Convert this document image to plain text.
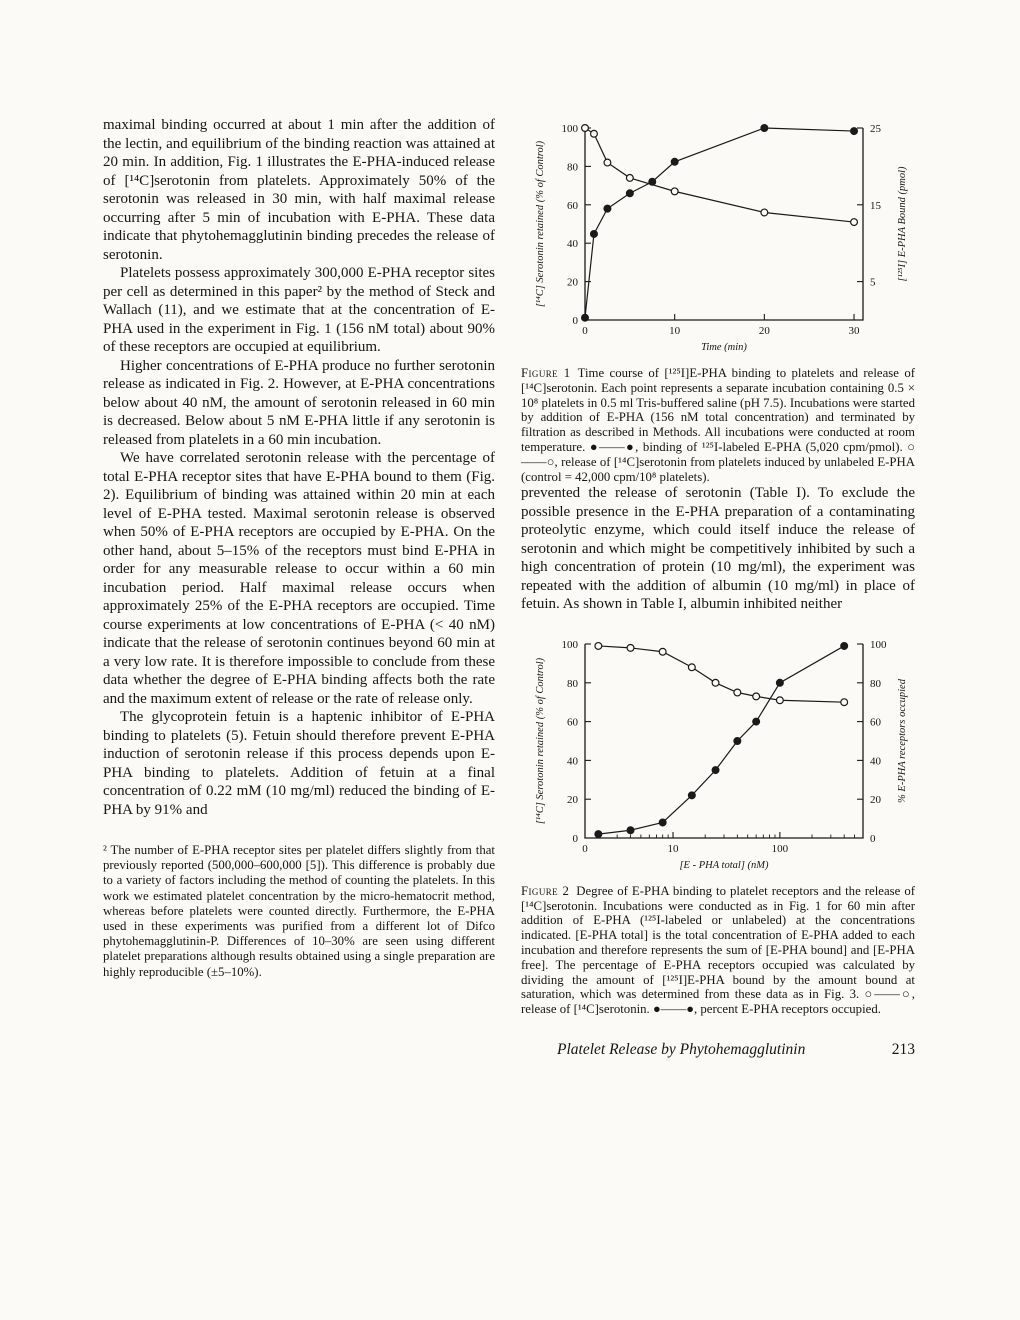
maximal binding occurred at about 1 min after the addition of the lectin, and equilibrium of the binding reaction was attained at 20 min. In addition, Fig. 1 illustrates the E-PHA-induced release of [¹⁴C]serotonin from platelets. Approximately 50% of the serotonin was released in 30 min, with half maximal release occurring after 5 min of incubation with E-PHA. These data indicate that phytohemagglutinin binding precedes the release of serotonin.

Platelets possess approximately 300,000 E-PHA receptor sites per cell as determined in this paper² by the method of Steck and Wallach (11), and we estimate that at the concentration of E-PHA used in the experiment in Fig. 1 (156 nM total) about 90% of these receptors are occupied at equilibrium.

Higher concentrations of E-PHA produce no further serotonin release as indicated in Fig. 2. However, at E-PHA concentrations below about 40 nM, the amount of serotonin released in 60 min is decreased. Below about 5 nM E-PHA little if any serotonin is released from platelets in a 60 min incubation.

We have correlated serotonin release with the percentage of total E-PHA receptor sites that have E-PHA bound to them (Fig. 2). Equilibrium of binding was attained within 20 min at each level of E-PHA tested. Maximal serotonin release is observed when 50% of E-PHA receptors are occupied by E-PHA. On the other hand, about 5–15% of the receptors must bind E-PHA in order for any measurable release to occur within a 60 min incubation period. Half maximal release occurs when approximately 25% of the E-PHA receptors are occupied. Time course experiments at low concentrations of E-PHA (< 40 nM) indicate that the release of serotonin continues beyond 60 min at a very low rate. It is therefore impossible to conclude from these data whether the degree of E-PHA binding affects both the rate and the maximum extent of release or the rate of release only.

The glycoprotein fetuin is a haptenic inhibitor of E-PHA binding to platelets (5). Fetuin should therefore prevent E-PHA induction of serotonin release if this process depends upon E-PHA binding to platelets. Addition of fetuin at a final concentration of 0.22 mM (10 mg/ml) reduced the binding of E-PHA by 91% and

² The number of E-PHA receptor sites per platelet differs slightly from that previously reported (500,000–600,000 [5]). This difference is probably due to a variety of factors including the method of counting the platelets. In this work we estimated platelet concentration by the micro-hematocrit method, whereas before platelets were counted directly. Furthermore, the E-PHA used in these experiments was purified from a different lot of Difco phytohemagglutinin-P. Differences of 10–30% are seen using different platelet preparations although results obtained using a single preparation are highly reproducible (±5–10%).
0	10	20	30
0
20
40
60
80
100
5
15
25
Time (min)
[¹⁴C] Serotonin retained (% of Control)	[¹²⁵I] E-PHA Bound (pmol)
Figure 1 Time course of [¹²⁵I]E-PHA binding to platelets and release of [¹⁴C]serotonin. Each point represents a separate incubation containing 0.5 × 10⁸ platelets in 0.5 ml Tris-buffered saline (pH 7.5). Incubations were started by addition of E-PHA (156 nM total concentration) and terminated by filtration as described in Methods. All incubations were conducted at room temperature. ●——●, binding of ¹²⁵I-labeled E-PHA (5,020 cpm/pmol). ○——○, release of [¹⁴C]serotonin from platelets induced by unlabeled E-PHA (control = 42,000 cpm/10⁸ platelets).

prevented the release of serotonin (Table I). To exclude the possible presence in the E-PHA preparation of a contaminating proteolytic enzyme, which could itself induce the release of serotonin and which might be competitively inhibited by such a high concentration of protein (10 mg/ml), the experiment was repeated with the addition of albumin (10 mg/ml) in place of fetuin. As shown in Table I, albumin inhibited neither

10	100
0
0
20
40
60
80
100
0
20
40
60
80
100
[E - PHA total] (nM)
[¹⁴C] Serotonin retained (% of Control)	% E-PHA receptors occupied
Figure 2 Degree of E-PHA binding to platelet receptors and the release of [¹⁴C]serotonin. Incubations were conducted as in Fig. 1 for 60 min after addition of E-PHA (¹²⁵I-labeled or unlabeled) at the concentrations indicated. [E-PHA total] is the total concentration of E-PHA added to each incubation and therefore represents the sum of [E-PHA bound] and [E-PHA free]. The percentage of E-PHA receptors occupied was calculated by dividing the amount of [¹²⁵I]E-PHA bound by the amount bound at saturation, which was determined from these data as in Fig. 3. ○——○, release of [¹⁴C]serotonin. ●——●, percent E-PHA receptors occupied.
Platelet Release by Phytohemagglutinin	213
